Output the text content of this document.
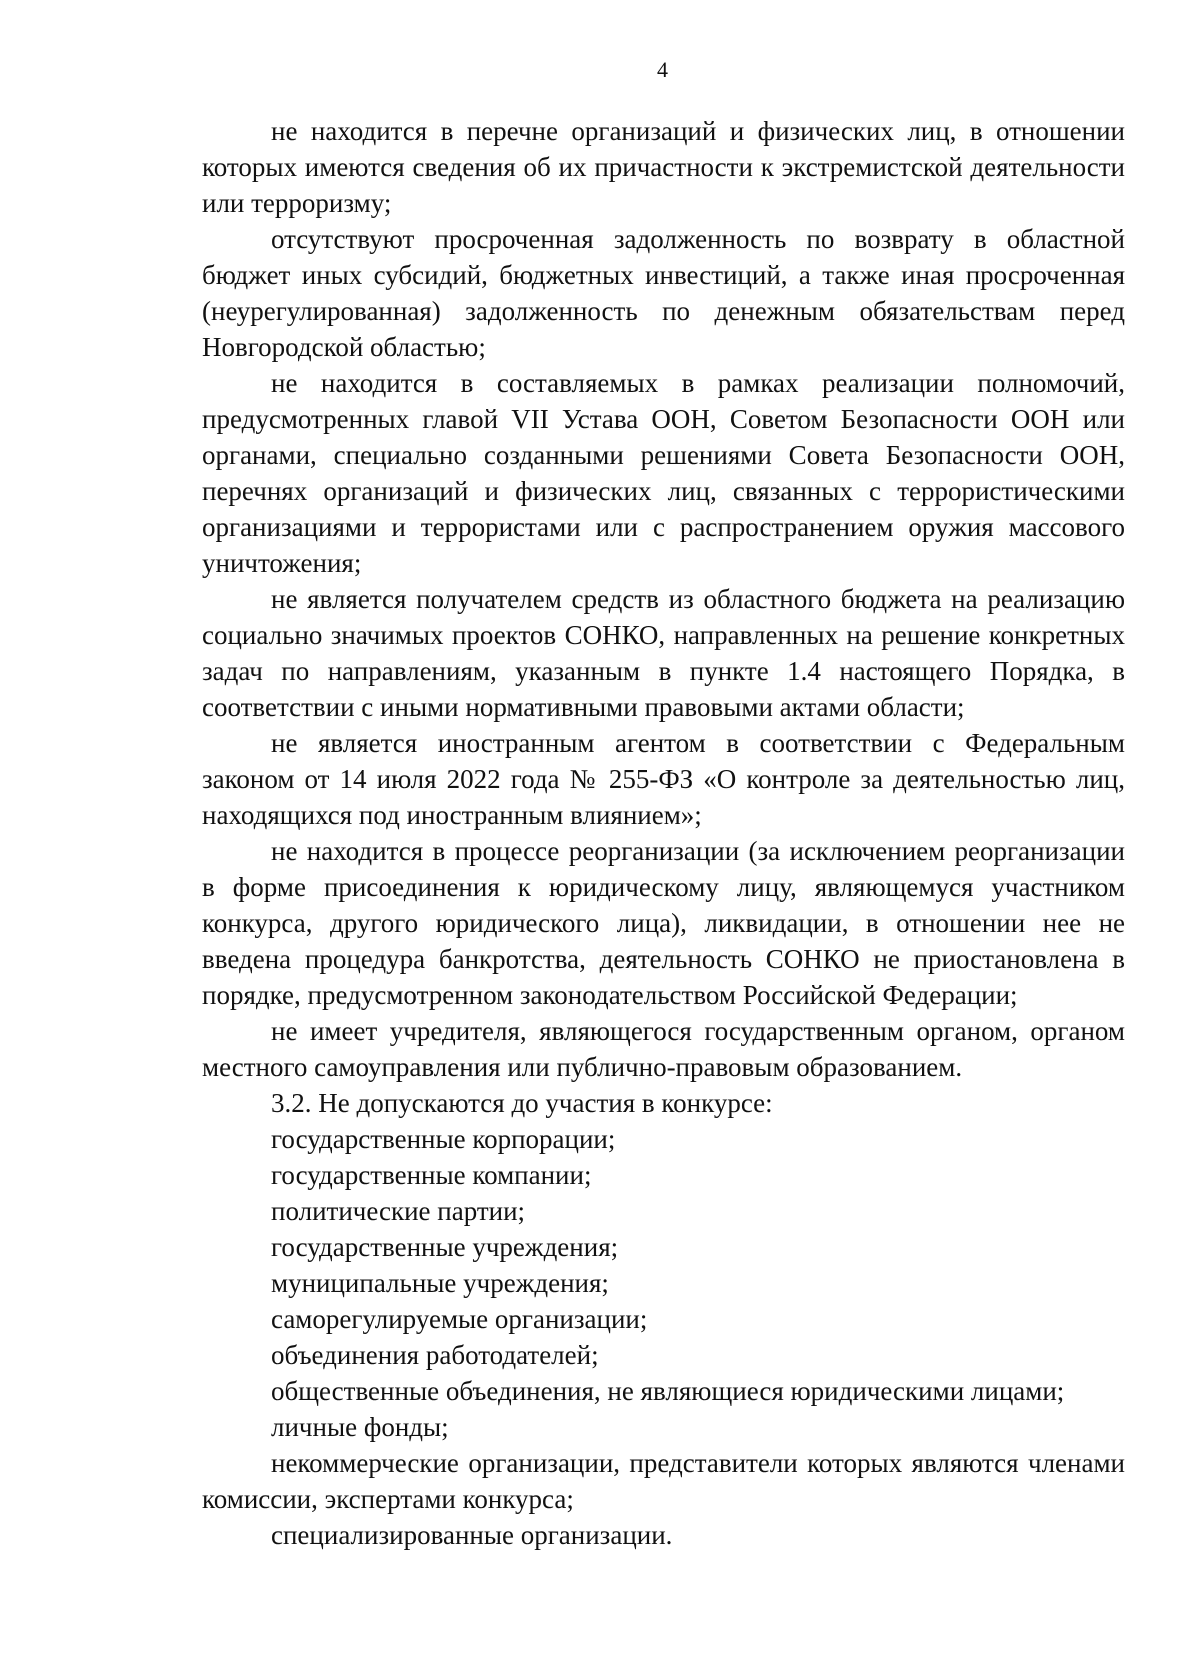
4

не находится в перечне организаций и физических лиц, в отношении которых имеются сведения об их причастности к экстремистской деятельности или терроризму;

отсутствуют просроченная задолженность по возврату в областной бюджет иных субсидий, бюджетных инвестиций, а также иная просроченная (неурегулированная) задолженность по денежным обязательствам перед Новгородской областью;

не находится в составляемых в рамках реализации полномочий, предусмотренных главой VII Устава ООН, Советом Безопасности ООН или органами, специально созданными решениями Совета Безопасности ООН, перечнях организаций и физических лиц, связанных с террористическими организациями и террористами или с распространением оружия массового уничтожения;

не является получателем средств из областного бюджета на реализацию социально значимых проектов СОНКО, направленных на решение конкретных задач по направлениям, указанным в пункте 1.4 настоящего Порядка, в соответствии с иными нормативными правовыми актами области;

не является иностранным агентом в соответствии с Федеральным законом от 14 июля 2022 года № 255-ФЗ «О контроле за деятельностью лиц, находящихся под иностранным влиянием»;

не находится в процессе реорганизации (за исключением реорганизации в форме присоединения к юридическому лицу, являющемуся участником конкурса, другого юридического лица), ликвидации, в отношении нее не введена процедура банкротства, деятельность СОНКО не приостановлена в порядке, предусмотренном законодательством Российской Федерации;

не имеет учредителя, являющегося государственным органом, органом местного самоуправления или публично-правовым образованием.

3.2. Не допускаются до участия в конкурсе:

государственные корпорации;

государственные компании;

политические партии;

государственные учреждения;

муниципальные учреждения;

саморегулируемые организации;

объединения работодателей;

общественные объединения, не являющиеся юридическими лицами;

личные фонды;

некоммерческие организации, представители которых являются членами комиссии, экспертами конкурса;

специализированные организации.
